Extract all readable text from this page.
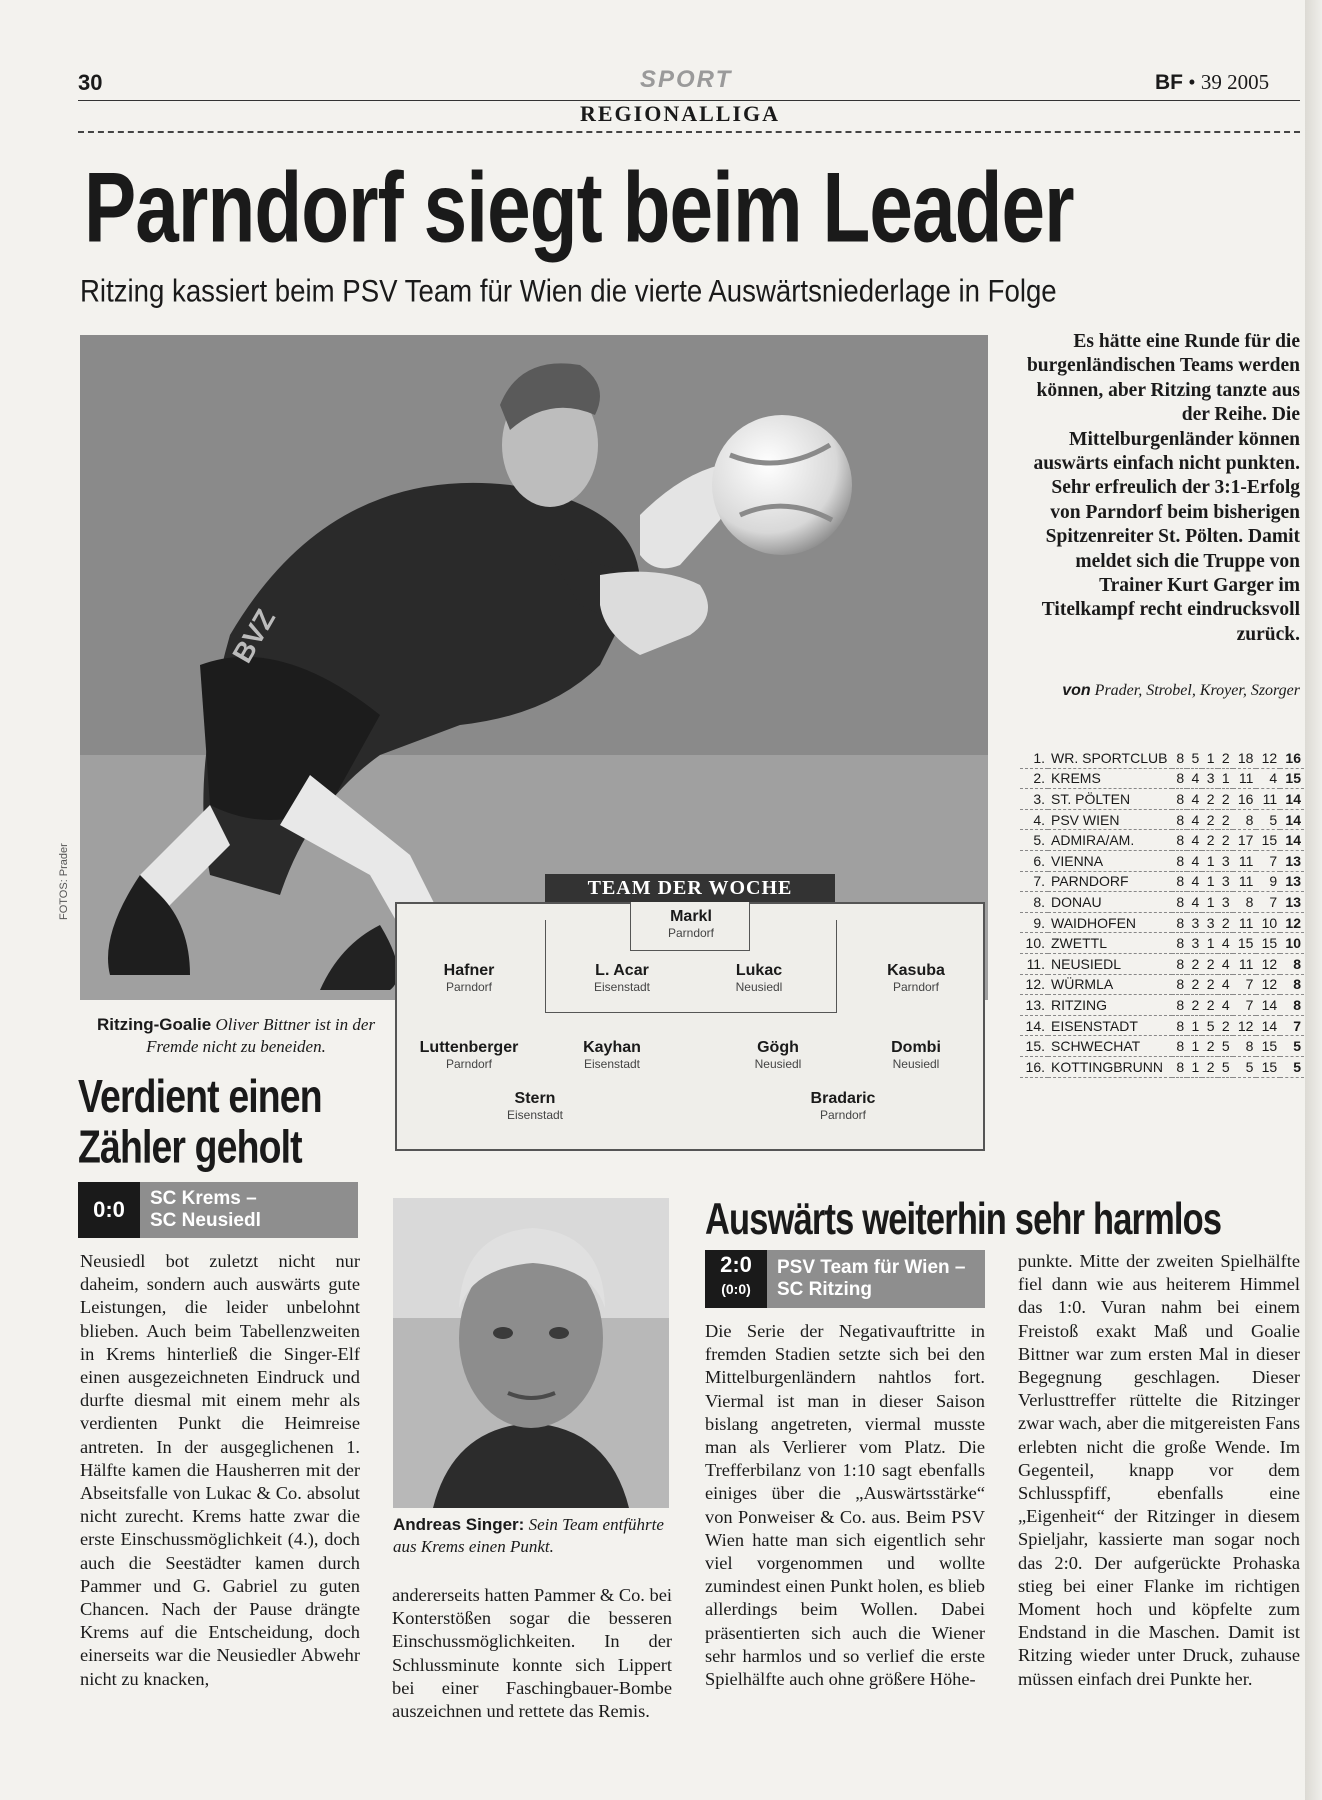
30	SPORT	BF • 39 2005
REGIONALLIGA
Parndorf siegt beim Leader
Ritzing kassiert beim PSV Team für Wien die vierte Auswärtsniederlage in Folge
BVZ
FOTOS: Prader
Es hätte eine Runde für die burgenländischen Teams werden können, aber Ritzing tanzte aus der Reihe. Die Mittelburgenländer können auswärts einfach nicht punkten. Sehr erfreulich der 3:1-Erfolg von Parndorf beim bisherigen Spitzenreiter St. Pölten. Damit meldet sich die Truppe von Trainer Kurt Garger im Titelkampf recht eindrucksvoll zurück.
von Prader, Strobel, Kroyer, Szorger
1.	WR. SPORTCLUB	8	5	1	2	18	12	16
2.	KREMS	8	4	3	1	11	4	15
3.	ST. PÖLTEN	8	4	2	2	16	11	14
4.	PSV WIEN	8	4	2	2	8	5	14
5.	ADMIRA/AM.	8	4	2	2	17	15	14
6.	VIENNA	8	4	1	3	11	7	13
7.	PARNDORF	8	4	1	3	11	9	13
8.	DONAU	8	4	1	3	8	7	13
9.	WAIDHOFEN	8	3	3	2	11	10	12
10.	ZWETTL	8	3	1	4	15	15	10
11.	NEUSIEDL	8	2	2	4	11	12	8
12.	WÜRMLA	8	2	2	4	7	12	8
13.	RITZING	8	2	2	4	7	14	8
14.	EISENSTADT	8	1	5	2	12	14	7
15.	SCHWECHAT	8	1	2	5	8	15	5
16.	KOTTINGBRUNN	8	1	2	5	5	15	5
Ritzing-Goalie Oliver Bittner ist in der Fremde nicht zu beneiden.
TEAM DER WOCHE
Markl
Parndorf
Hafner
Parndorf
L. Acar
Eisenstadt
Lukac
Neusiedl
Kasuba
Parndorf
Luttenberger
Parndorf
Kayhan
Eisenstadt
Gögh
Neusiedl
Dombi
Neusiedl
Stern
Eisenstadt
Bradaric
Parndorf
Verdient einen
Zähler geholt
0:0	SC Krems –
SC Neusiedl
Neusiedl bot zuletzt nicht nur daheim, sondern auch auswärts gute Leistungen, die leider unbelohnt blieben. Auch beim Tabellenzweiten in Krems hinterließ die Singer-Elf einen ausgezeichneten Eindruck und durfte diesmal mit einem mehr als verdienten Punkt die Heimreise antreten. In der ausgeglichenen 1. Hälfte kamen die Hausherren mit der Abseitsfalle von Lukac & Co. absolut nicht zurecht. Krems hatte zwar die erste Einschussmöglichkeit (4.), doch auch die Seestädter kamen durch Pammer und G. Gabriel zu guten Chancen. Nach der Pause drängte Krems auf die Entscheidung, doch einerseits war die Neusiedler Abwehr nicht zu knacken,
Andreas Singer: Sein Team entführte aus Krems einen Punkt.
andererseits hatten Pammer & Co. bei Konterstößen sogar die besseren Einschussmöglichkeiten. In der Schlussminute konnte sich Lippert bei einer Faschingbauer-Bombe auszeichnen und rettete das Remis.
Auswärts weiterhin sehr harmlos
2:0
(0:0)
PSV Team für Wien –
SC Ritzing
Die Serie der Negativauftritte in fremden Stadien setzte sich bei den Mittelburgenländern nahtlos fort. Viermal ist man in dieser Saison bislang angetreten, viermal musste man als Verlierer vom Platz. Die Trefferbilanz von 1:10 sagt ebenfalls einiges über die „Auswärtsstärke“ von Ponweiser & Co. aus. Beim PSV Wien hatte man sich eigentlich sehr viel vorgenommen und wollte zumindest einen Punkt holen, es blieb allerdings beim Wollen. Dabei präsentierten sich auch die Wiener sehr harmlos und so verlief die erste Spielhälfte auch ohne größere Höhe-
punkte. Mitte der zweiten Spielhälfte fiel dann wie aus heiterem Himmel das 1:0. Vuran nahm bei einem Freistoß exakt Maß und Goalie Bittner war zum ersten Mal in dieser Begegnung geschlagen. Dieser Verlusttreffer rüttelte die Ritzinger zwar wach, aber die mitgereisten Fans erlebten nicht die große Wende. Im Gegenteil, knapp vor dem Schlusspfiff, ebenfalls eine „Eigenheit“ der Ritzinger in diesem Spieljahr, kassierte man sogar noch das 2:0. Der aufgerückte Prohaska stieg bei einer Flanke im richtigen Moment hoch und köpfelte zum Endstand in die Maschen. Damit ist Ritzing wieder unter Druck, zuhause müssen einfach drei Punkte her.
